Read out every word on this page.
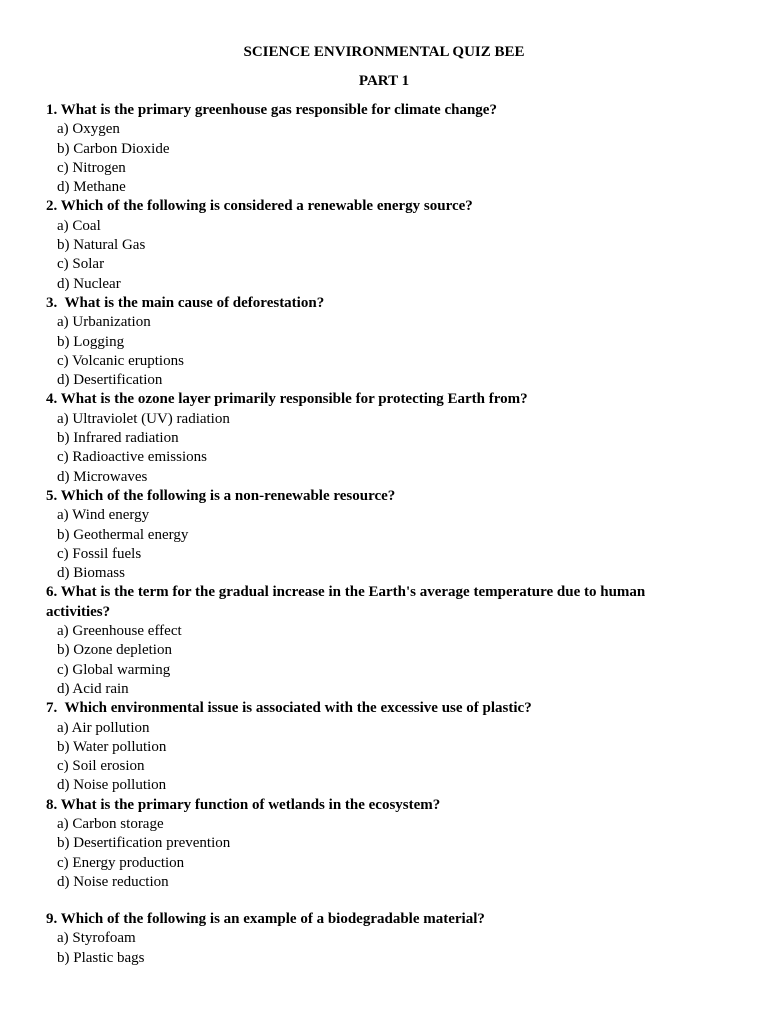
SCIENCE ENVIRONMENTAL QUIZ BEE
PART 1

1. What is the primary greenhouse gas responsible for climate change?

a) Oxygen

b) Carbon Dioxide

c) Nitrogen

d) Methane

2. Which of the following is considered a renewable energy source?

a) Coal

b) Natural Gas

c) Solar

d) Nuclear

3.  What is the main cause of deforestation?

a) Urbanization

b) Logging

c) Volcanic eruptions

d) Desertification

4. What is the ozone layer primarily responsible for protecting Earth from?

a) Ultraviolet (UV) radiation

b) Infrared radiation

c) Radioactive emissions

d) Microwaves

5. Which of the following is a non-renewable resource?

a) Wind energy

b) Geothermal energy

c) Fossil fuels

d) Biomass

6. What is the term for the gradual increase in the Earth's average temperature due to human activities?

a) Greenhouse effect

b) Ozone depletion

c) Global warming

d) Acid rain

7.  Which environmental issue is associated with the excessive use of plastic?

a) Air pollution

b) Water pollution

c) Soil erosion

d) Noise pollution

8. What is the primary function of wetlands in the ecosystem?

a) Carbon storage

b) Desertification prevention

c) Energy production

d) Noise reduction

9. Which of the following is an example of a biodegradable material?

a) Styrofoam

b) Plastic bags
